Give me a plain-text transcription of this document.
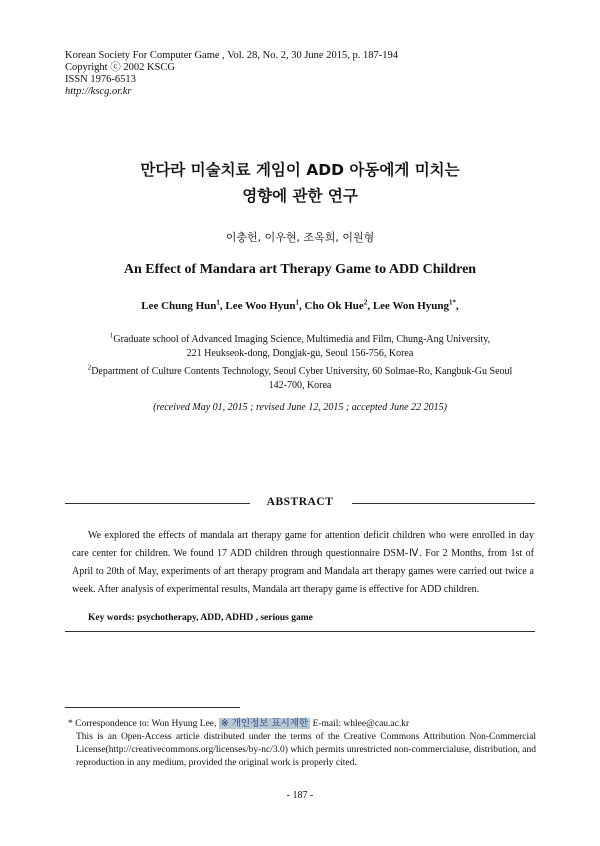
Korean Society For Computer Game , Vol. 28, No. 2, 30 June 2015, p. 187-194
Copyright ⓒ 2002 KSCG
ISSN 1976-6513
http://kscg.or.kr
만다라 미술치료 게임이 ADD 아동에게 미치는
영향에 관한 연구
이충헌, 이우현, 조옥희, 이원형
An Effect of Mandara art Therapy Game to ADD Children
Lee Chung Hun$^1$, Lee Woo Hyun$^1$, Cho Ok Hue$^2$, Lee Won Hyung$^{1*}$,
$^1$Graduate school of Advanced Imaging Science, Multimedia and Film, Chung-Ang University,
221 Heukseok-dong, Dongjak-gu, Seoul 156-756, Korea
$^2$Department of Culture Contents Technology, Seoul Cyber University, 60 Solmae-Ro, Kangbuk-Gu Seoul
142-700, Korea
(received May 01, 2015 ; revised June 12, 2015 ; accepted June 22 2015)
ABSTRACT
We explored the effects of mandala art therapy game for attention deficit children who were enrolled in day care center for children. We found 17 ADD children through questionnaire DSM-Ⅳ. For 2 Months, from 1st of April to 20th of May, experiments of art therapy program and Mandala art therapy games were carried out twice a week. After analysis of experimental results, Mandala art therapy game is effective for ADD children.
Key words: psychotherapy, ADD, ADHD , serious game
* Correspondence to: Won Hyung Lee, ※ 개인정보 표시제한 E-mail: whlee@cau.ac.kr
This is an Open-Access article distributed under the terms of the Creative Commons Attribution Non-Commercial License(http://creativecommons.org/licenses/by-nc/3.0) which permits unrestricted non-commercialuse, distribution, and reproduction in any medium, provided the original work is properly cited.
- 187 -
